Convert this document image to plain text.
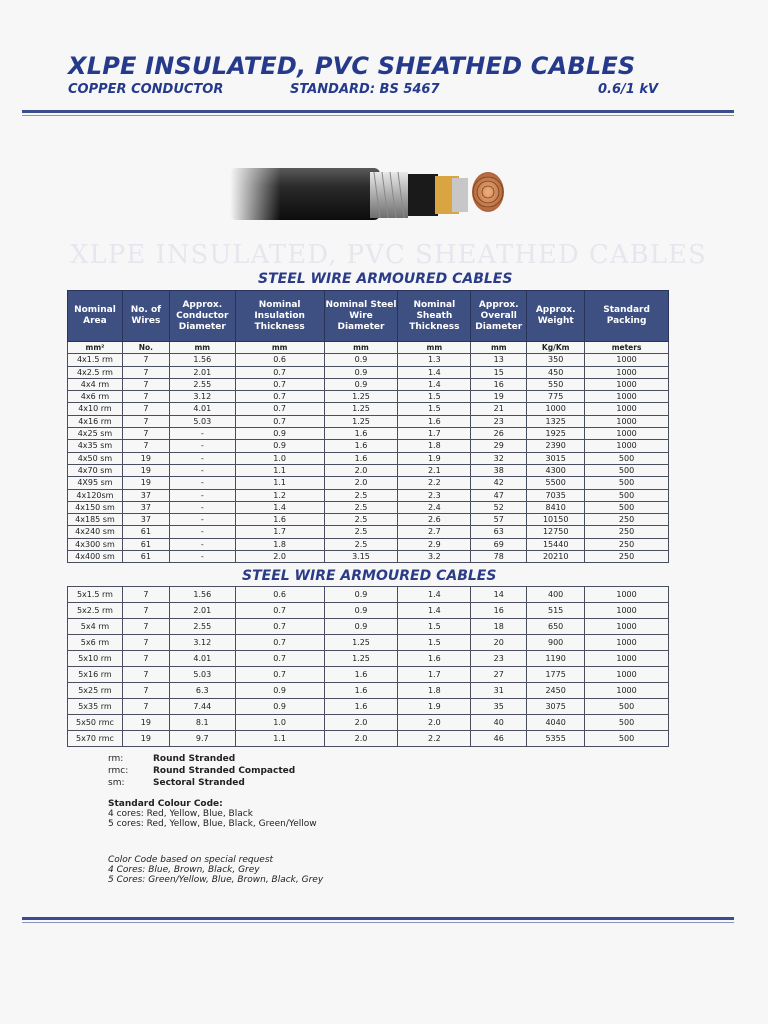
XLPE INSULATED, PVC SHEATHED CABLES
COPPER CONDUCTOR	STANDARD: BS 5467	0.6/1 kV
XLPE INSULATED, PVC SHEATHED CABLES
STEEL WIRE ARMOURED CABLES
Nominal Area	No. of Wires	Approx. Conductor Diameter	Nominal Insulation Thickness	Nominal Steel Wire Diameter	Nominal Sheath Thickness	Approx. Overall Diameter	Approx. Weight	Standard Packing
mm²	No.	mm	mm	mm	mm	mm	Kg/Km	meters
4x1.5 rm	7	1.56	0.6	0.9	1.3	13	350	1000
4x2.5 rm	7	2.01	0.7	0.9	1.4	15	450	1000
4x4 rm	7	2.55	0.7	0.9	1.4	16	550	1000
4x6 rm	7	3.12	0.7	1.25	1.5	19	775	1000
4x10 rm	7	4.01	0.7	1.25	1.5	21	1000	1000
4x16 rm	7	5.03	0.7	1.25	1.6	23	1325	1000
4x25 sm	7	-	0.9	1.6	1.7	26	1925	1000
4x35 sm	7	-	0.9	1.6	1.8	29	2390	1000
4x50 sm	19	-	1.0	1.6	1.9	32	3015	500
4x70 sm	19	-	1.1	2.0	2.1	38	4300	500
4X95 sm	19	-	1.1	2.0	2.2	42	5500	500
4x120sm	37	-	1.2	2.5	2.3	47	7035	500
4x150 sm	37	-	1.4	2.5	2.4	52	8410	500
4x185 sm	37	-	1.6	2.5	2.6	57	10150	250
4x240 sm	61	-	1.7	2.5	2.7	63	12750	250
4x300 sm	61	-	1.8	2.5	2.9	69	15440	250
4x400 sm	61	-	2.0	3.15	3.2	78	20210	250
STEEL WIRE ARMOURED CABLES
5x1.5 rm	7	1.56	0.6	0.9	1.4	14	400	1000
5x2.5 rm	7	2.01	0.7	0.9	1.4	16	515	1000
5x4 rm	7	2.55	0.7	0.9	1.5	18	650	1000
5x6 rm	7	3.12	0.7	1.25	1.5	20	900	1000
5x10 rm	7	4.01	0.7	1.25	1.6	23	1190	1000
5x16 rm	7	5.03	0.7	1.6	1.7	27	1775	1000
5x25 rm	7	6.3	0.9	1.6	1.8	31	2450	1000
5x35 rm	7	7.44	0.9	1.6	1.9	35	3075	500
5x50 rmc	19	8.1	1.0	2.0	2.0	40	4040	500
5x70 rmc	19	9.7	1.1	2.0	2.2	46	5355	500
rm:	Round Stranded
rmc:	Round Stranded Compacted
sm:	Sectoral Stranded
Standard Colour Code:
4 cores: Red, Yellow, Blue, Black
5 cores: Red, Yellow, Blue, Black, Green/Yellow
Color Code based on special request
4 Cores: Blue, Brown, Black, Grey
5 Cores: Green/Yellow, Blue, Brown, Black, Grey
